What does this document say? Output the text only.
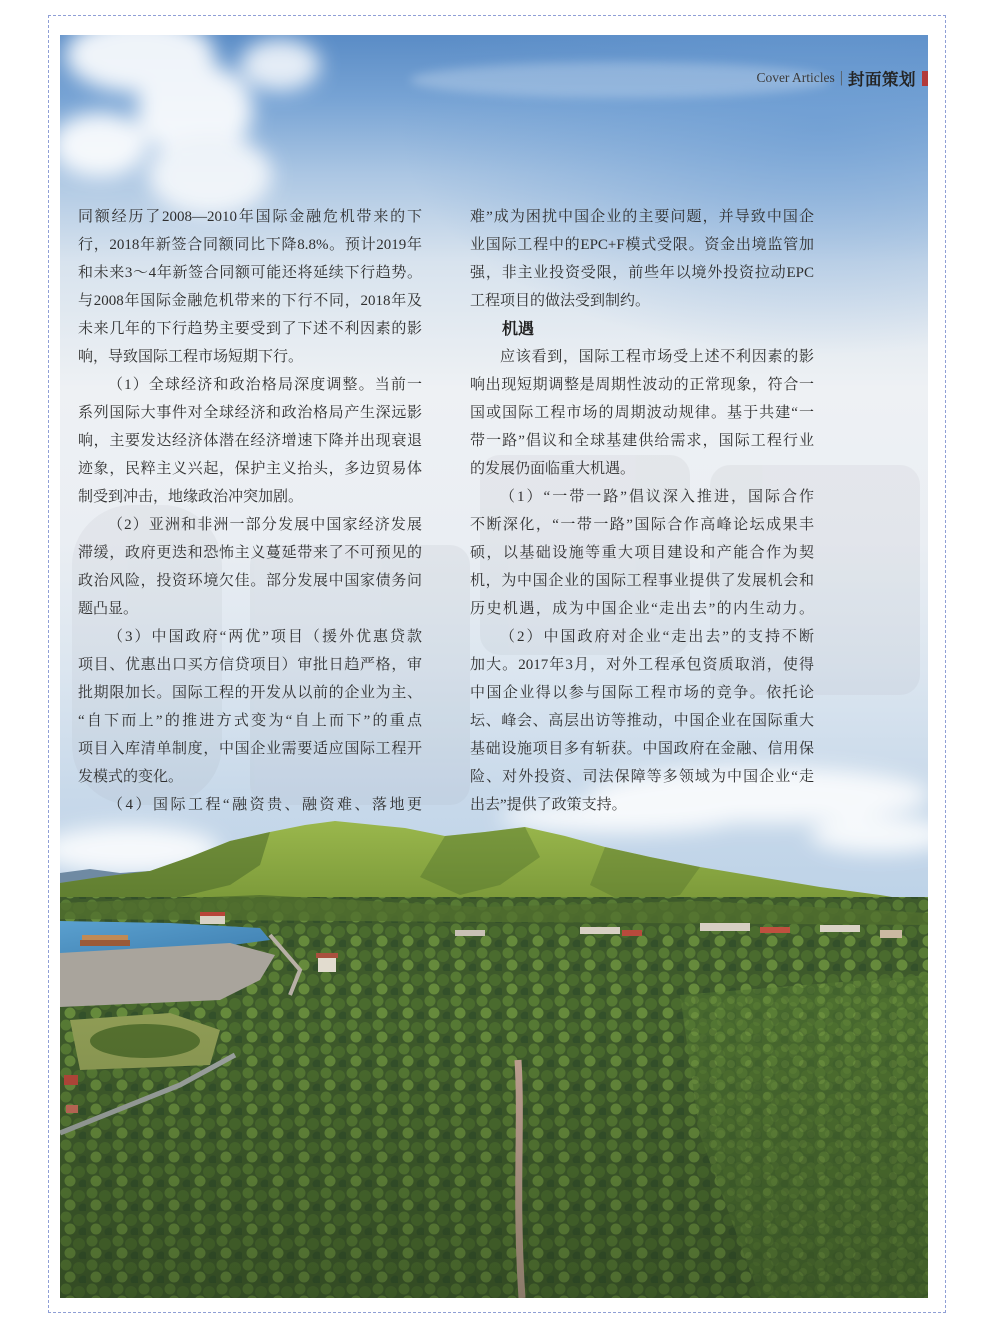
Cover Articles | 封面策划
同额经历了2008—2010年国际金融危机带来的下
行，2018年新签合同额同比下降8.8%。预计2019年
和未来3～4年新签合同额可能还将延续下行趋势。
与2008年国际金融危机带来的下行不同，2018年及
未来几年的下行趋势主要受到了下述不利因素的影
响，导致国际工程市场短期下行。
（1）全球经济和政治格局深度调整。当前一
系列国际大事件对全球经济和政治格局产生深远影
响，主要发达经济体潜在经济增速下降并出现衰退
迹象，民粹主义兴起，保护主义抬头，多边贸易体
制受到冲击，地缘政治冲突加剧。
（2）亚洲和非洲一部分发展中国家经济发展
滞缓，政府更迭和恐怖主义蔓延带来了不可预见的
政治风险，投资环境欠佳。部分发展中国家债务问
题凸显。
（3）中国政府“两优”项目（援外优惠贷款
项目、优惠出口买方信贷项目）审批日趋严格，审
批期限加长。国际工程的开发从以前的企业为主、
“自下而上”的推进方式变为“自上而下”的重点
项目入库清单制度，中国企业需要适应国际工程开
发模式的变化。
（4）国际工程“融资贵、融资难、落地更
难”成为困扰中国企业的主要问题，并导致中国企
业国际工程中的EPC+F模式受限。资金出境监管加
强，非主业投资受限，前些年以境外投资拉动EPC
工程项目的做法受到制约。
机遇
应该看到，国际工程市场受上述不利因素的影
响出现短期调整是周期性波动的正常现象，符合一
国或国际工程市场的周期波动规律。基于共建“一
带一路”倡议和全球基建供给需求，国际工程行业
的发展仍面临重大机遇。
（1）“一带一路”倡议深入推进，国际合作
不断深化，“一带一路”国际合作高峰论坛成果丰
硕，以基础设施等重大项目建设和产能合作为契
机，为中国企业的国际工程事业提供了发展机会和
历史机遇，成为中国企业“走出去”的内生动力。
（2）中国政府对企业“走出去”的支持不断
加大。2017年3月，对外工程承包资质取消，使得
中国企业得以参与国际工程市场的竞争。依托论
坛、峰会、高层出访等推动，中国企业在国际重大
基础设施项目多有斩获。中国政府在金融、信用保
险、对外投资、司法保障等多领域为中国企业“走
出去”提供了政策支持。
